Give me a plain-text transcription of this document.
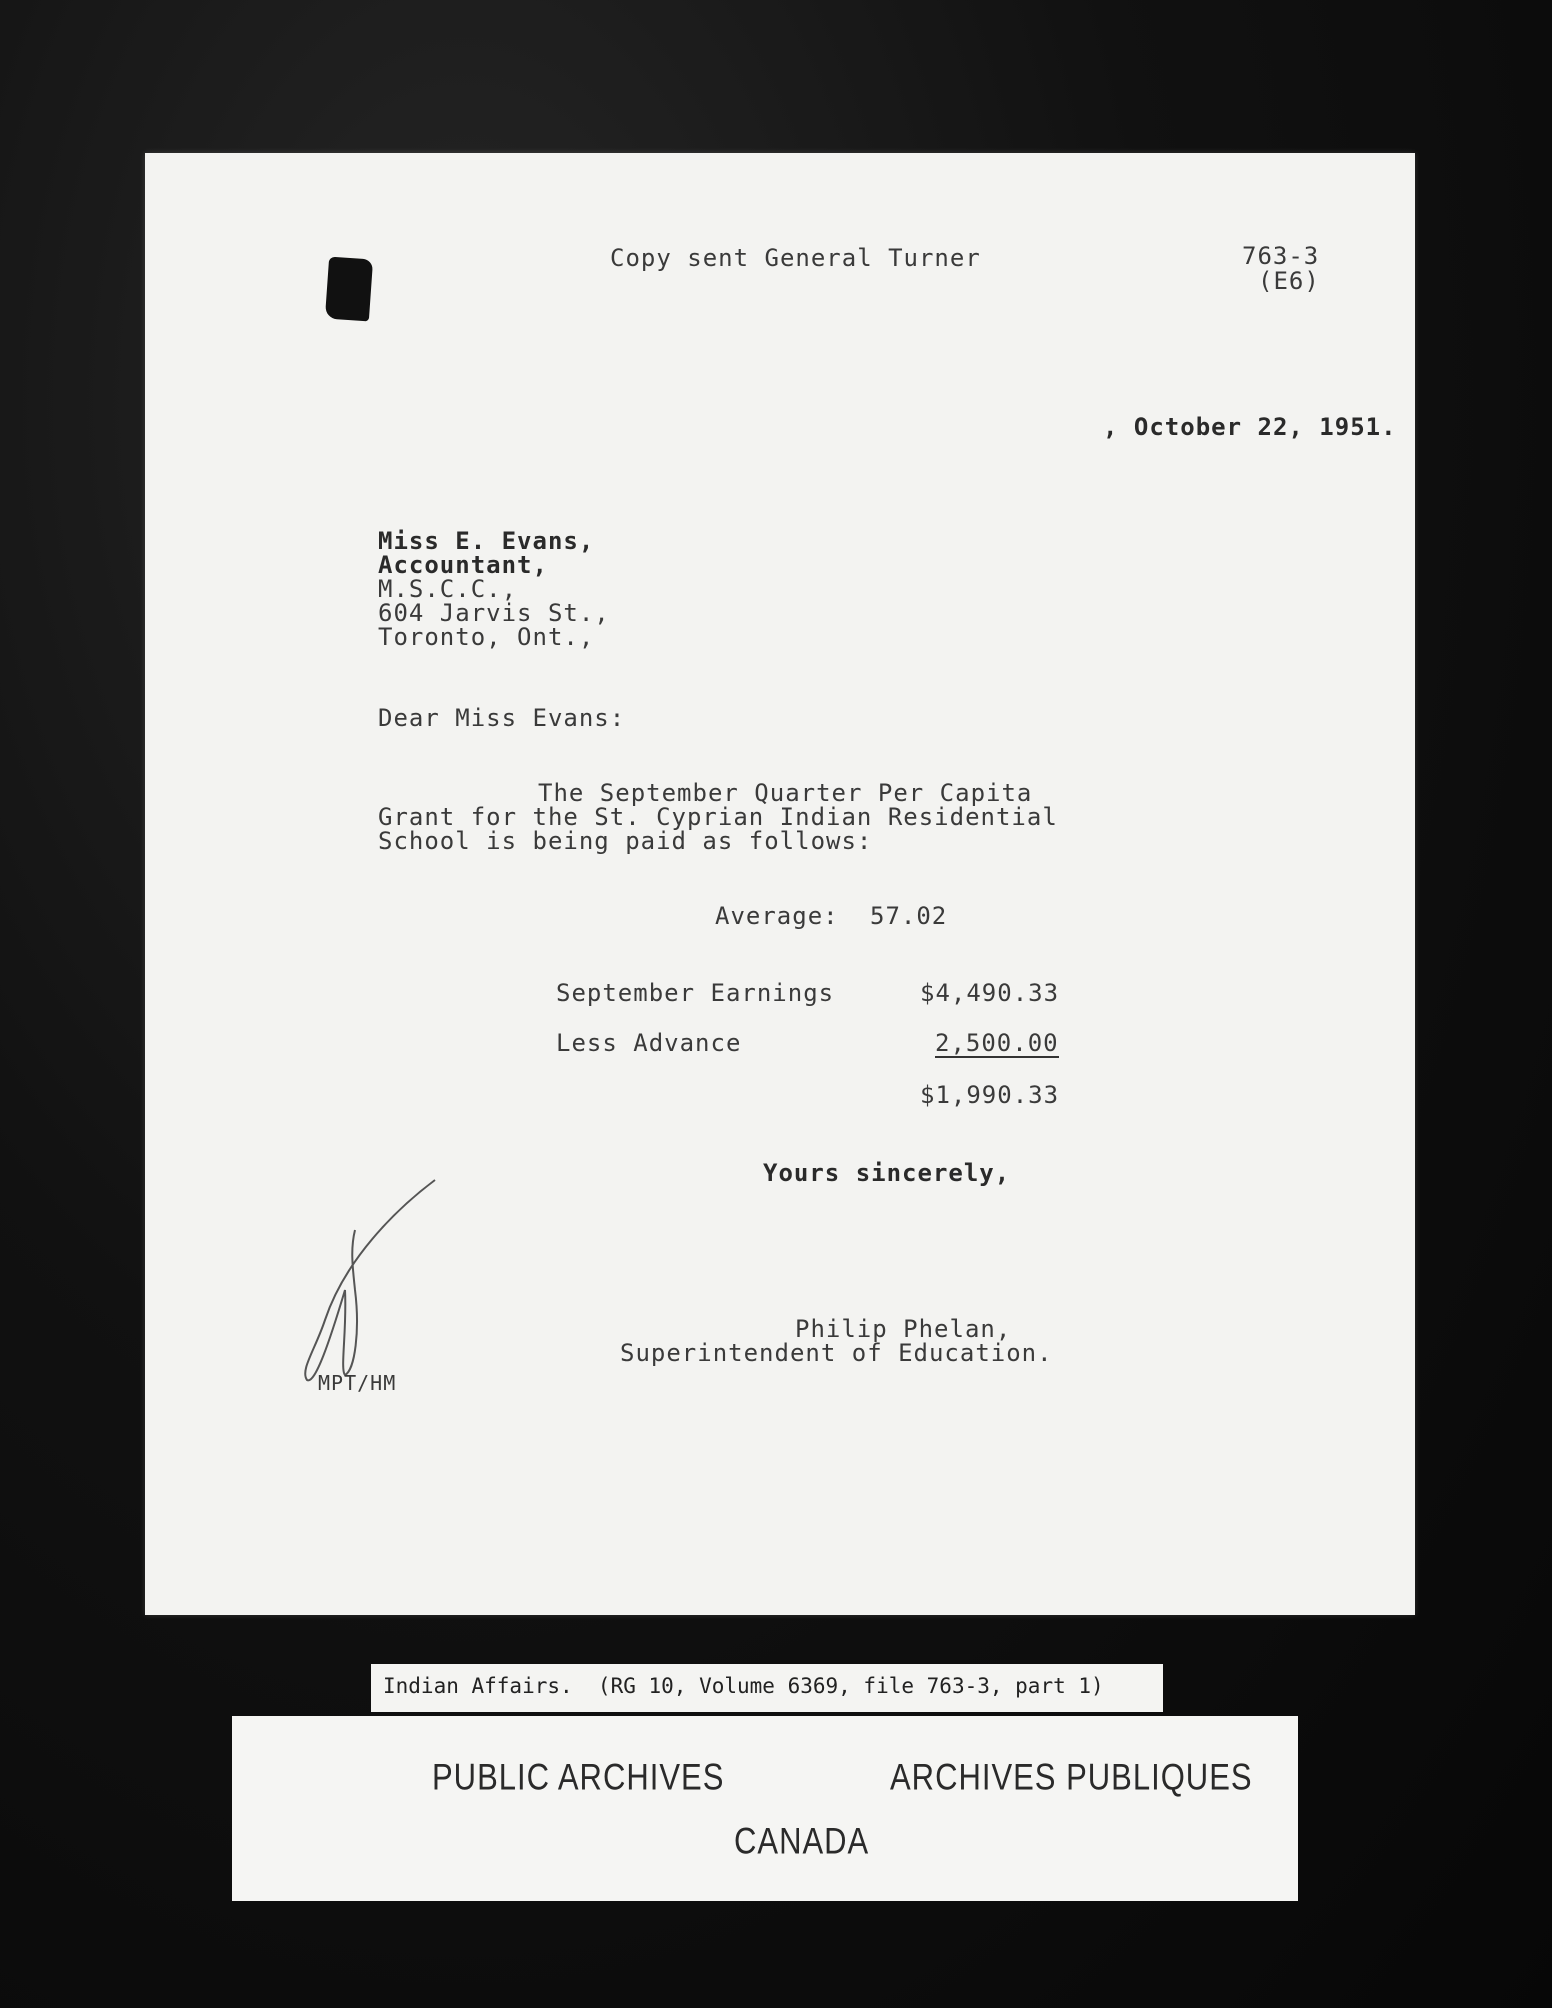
Copy sent General Turner	763-3
(E6)
, October 22, 1951.
Miss E. Evans,
Accountant,
M.S.C.C.,
604 Jarvis St.,
Toronto, Ont.,
Dear Miss Evans:
The September Quarter Per Capita
Grant for the St. Cyprian Indian Residential
School is being paid as follows:
Average: 57.02
September Earnings	$4,490.33
Less Advance	2,500.00
$1,990.33
Yours sincerely,
Philip Phelan,
Superintendent of Education.
MPT/HM
Indian Affairs.  (RG 10, Volume 6369, file 763-3, part 1)
PUBLIC ARCHIVES	ARCHIVES PUBLIQUES
CANADA
